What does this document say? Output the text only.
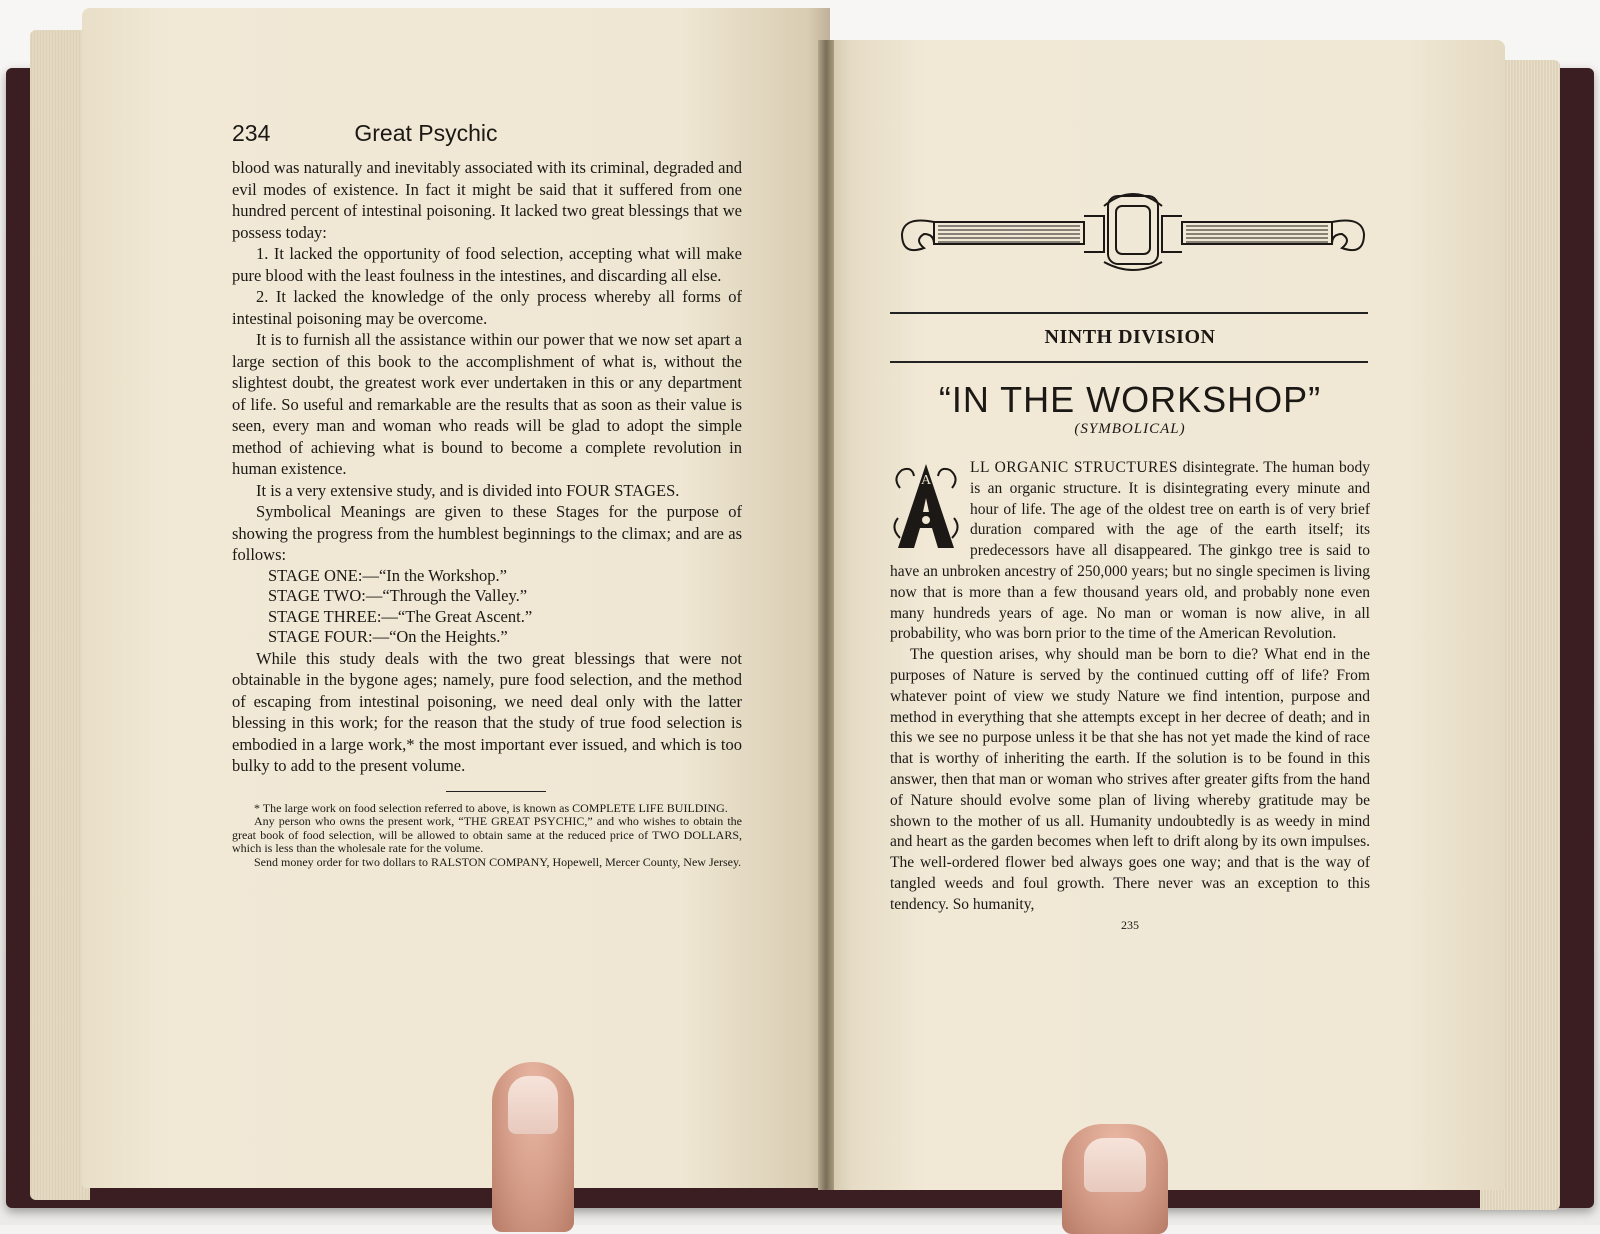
234	Great Psychic

blood was naturally and inevitably associated with its criminal, degraded and evil modes of existence. In fact it might be said that it suffered from one hundred percent of intestinal poisoning. It lacked two great blessings that we possess today:

1. It lacked the opportunity of food selection, accepting what will make pure blood with the least foulness in the intestines, and discarding all else.

2. It lacked the knowledge of the only process whereby all forms of intestinal poisoning may be overcome.

It is to furnish all the assistance within our power that we now set apart a large section of this book to the accomplishment of what is, without the slightest doubt, the greatest work ever undertaken in this or any department of life. So useful and remarkable are the results that as soon as their value is seen, every man and woman who reads will be glad to adopt the simple method of achieving what is bound to become a complete revolution in human existence.

It is a very extensive study, and is divided into FOUR STAGES.

Symbolical Meanings are given to these Stages for the purpose of showing the progress from the humblest beginnings to the climax; and are as follows:

STAGE ONE:—“In the Workshop.”

STAGE TWO:—“Through the Valley.”

STAGE THREE:—“The Great Ascent.”

STAGE FOUR:—“On the Heights.”

While this study deals with the two great blessings that were not obtainable in the bygone ages; namely, pure food selection, and the method of escaping from intestinal poisoning, we need deal only with the latter blessing in this work; for the reason that the study of true food selection is embodied in a large work,* the most important ever issued, and which is too bulky to add to the present volume.

* The large work on food selection referred to above, is known as COMPLETE LIFE BUILDING.

Any person who owns the present work, “THE GREAT PSYCHIC,” and who wishes to obtain the great book of food selection, will be allowed to obtain same at the reduced price of TWO DOLLARS, which is less than the wholesale rate for the volume.

Send money order for two dollars to RALSTON COMPANY, Hopewell, Mercer County, New Jersey.

NINTH DIVISION
“IN THE WORKSHOP”
(SYMBOLICAL)
A

LL ORGANIC STRUCTURES disintegrate. The human body is an organic structure. It is disintegrating every minute and hour of life. The age of the oldest tree on earth is of very brief duration compared with the age of the earth itself; its predecessors have all disappeared. The ginkgo tree is said to have an unbroken ancestry of 250,000 years; but no single specimen is living now that is more than a few thousand years old, and probably none even many hundreds years of age. No man or woman is now alive, in all probability, who was born prior to the time of the American Revolution.

The question arises, why should man be born to die? What end in the purposes of Nature is served by the continued cutting off of life? From whatever point of view we study Nature we find intention, purpose and method in everything that she attempts except in her decree of death; and in this we see no purpose unless it be that she has not yet made the kind of race that is worthy of inheriting the earth. If the solution is to be found in this answer, then that man or woman who strives after greater gifts from the hand of Nature should evolve some plan of living whereby gratitude may be shown to the mother of us all. Humanity undoubtedly is as weedy in mind and heart as the garden becomes when left to drift along by its own impulses. The well-ordered flower bed always goes one way; and that is the way of tangled weeds and foul growth. There never was an exception to this tendency. So humanity,

235
